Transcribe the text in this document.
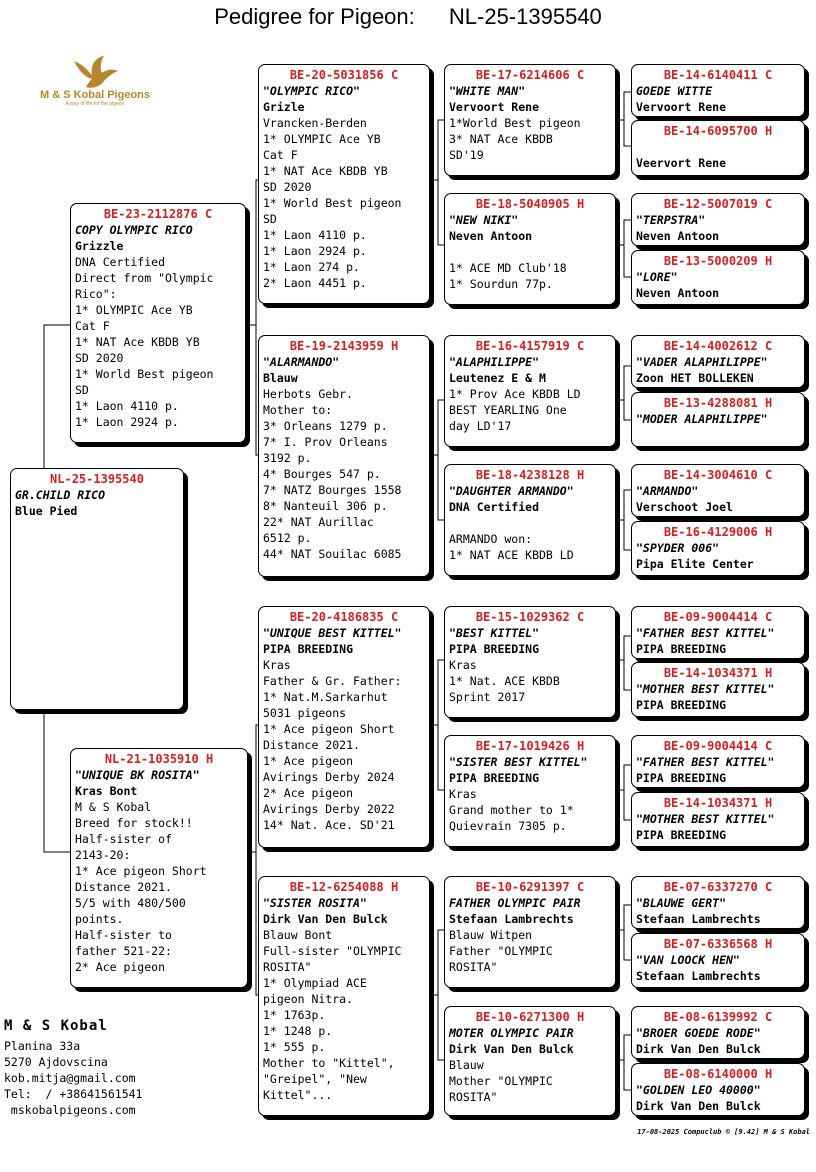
Pedigree for Pigeon: NL-25-1395540
M & S Kobal Pigeons
A way of life for the pigeon
NL-25-1395540
GR.CHILD RICO
Blue Pied
BE-23-2112876 C
COPY OLYMPIC RICO
Grizzle
DNA Certified
Direct from "Olympic
Rico":
1* OLYMPIC Ace YB
Cat F
1* NAT Ace KBDB YB
SD 2020
1* World Best pigeon
SD
1* Laon 4110 p.
1* Laon 2924 p.
NL-21-1035910 H
"UNIQUE BK ROSITA"
Kras Bont
M & S Kobal
Breed for stock!!
Half-sister of
2143-20:
1* Ace pigeon Short
Distance 2021.
5/5 with 480/500
points.
Half-sister to
father 521-22:
2* Ace pigeon
BE-20-5031856 C
"OLYMPIC RICO"
Grizle
Vrancken-Berden
1* OLYMPIC Ace YB
Cat F
1* NAT Ace KBDB YB
SD 2020
1* World Best pigeon
SD
1* Laon 4110 p.
1* Laon 2924 p.
1* Laon 274 p.
2* Laon 4451 p.
BE-19-2143959 H
"ALARMANDO"
Blauw
Herbots Gebr.
Mother to:
3* Orleans 1279 p.
7* I. Prov Orleans
3192 p.
4* Bourges 547 p.
7* NATZ Bourges 1558
8* Nanteuil 306 p.
22* NAT Aurillac
6512 p.
44* NAT Souilac 6085
BE-20-4186835 C
"UNIQUE BEST KITTEL"
PIPA BREEDING
Kras
Father & Gr. Father:
1* Nat.M.Sarkarhut
5031 pigeons
1* Ace pigeon Short
Distance 2021.
1* Ace pigeon
Avirings Derby 2024
2* Ace pigeon
Avirings Derby 2022
14* Nat. Ace. SD'21
BE-12-6254088 H
"SISTER ROSITA"
Dirk Van Den Bulck
Blauw Bont
Full-sister "OLYMPIC
ROSITA"
1* Olympiad ACE
pigeon Nitra.
1* 1763p.
1* 1248 p.
1* 555 p.
Mother to "Kittel",
"Greipel", "New
Kittel"...
BE-17-6214606 C
"WHITE MAN"
Vervoort Rene
1*World Best pigeon
3* NAT Ace KBDB
SD'19
BE-18-5040905 H
"NEW NIKI"
Neven Antoon

1* ACE MD Club'18
1* Sourdun 77p.
BE-16-4157919 C
"ALAPHILIPPE"
Leutenez E & M
1* Prov Ace KBDB LD
BEST YEARLING One
day LD'17
BE-18-4238128 H
"DAUGHTER ARMANDO"
DNA Certified

ARMANDO won:
1* NAT ACE KBDB LD
BE-15-1029362 C
"BEST KITTEL"
PIPA BREEDING
Kras
1* Nat. ACE KBDB
Sprint 2017
BE-17-1019426 H
"SISTER BEST KITTEL"
PIPA BREEDING
Kras
Grand mother to 1*
Quievrain 7305 p.
BE-10-6291397 C
FATHER OLYMPIC PAIR
Stefaan Lambrechts
Blauw Witpen
Father "OLYMPIC
ROSITA"
BE-10-6271300 H
MOTER OLYMPIC PAIR
Dirk Van Den Bulck
Blauw
Mother "OLYMPIC
ROSITA"
BE-14-6140411 C
GOEDE WITTE
Vervoort Rene
BE-14-6095700 H

Veervort Rene
BE-12-5007019 C
"TERPSTRA"
Neven Antoon
BE-13-5000209 H
"LORE"
Neven Antoon
BE-14-4002612 C
"VADER ALAPHILIPPE"
Zoon HET BOLLEKEN
BE-13-4288081 H
"MODER ALAPHILIPPE"
BE-14-3004610 C
"ARMANDO"
Verschoot Joel
BE-16-4129006 H
"SPYDER 006"
Pipa Elite Center
BE-09-9004414 C
"FATHER BEST KITTEL"
PIPA BREEDING
BE-14-1034371 H
"MOTHER BEST KITTEL"
PIPA BREEDING
BE-09-9004414 C
"FATHER BEST KITTEL"
PIPA BREEDING
BE-14-1034371 H
"MOTHER BEST KITTEL"
PIPA BREEDING
BE-07-6337270 C
"BLAUWE GERT"
Stefaan Lambrechts
BE-07-6336568 H
"VAN LOOCK HEN"
Stefaan Lambrechts
BE-08-6139992 C
"BROER GOEDE RODE"
Dirk Van Den Bulck
BE-08-6140000 H
"GOLDEN LEO 40000"
Dirk Van Den Bulck
M & S Kobal
Planina 33a
5270 Ajdovscina
kob.mitja@gmail.com
Tel:  / +38641561541
mskobalpigeons.com
17-08-2025 Compuclub © [9.42] M & S Kobal
